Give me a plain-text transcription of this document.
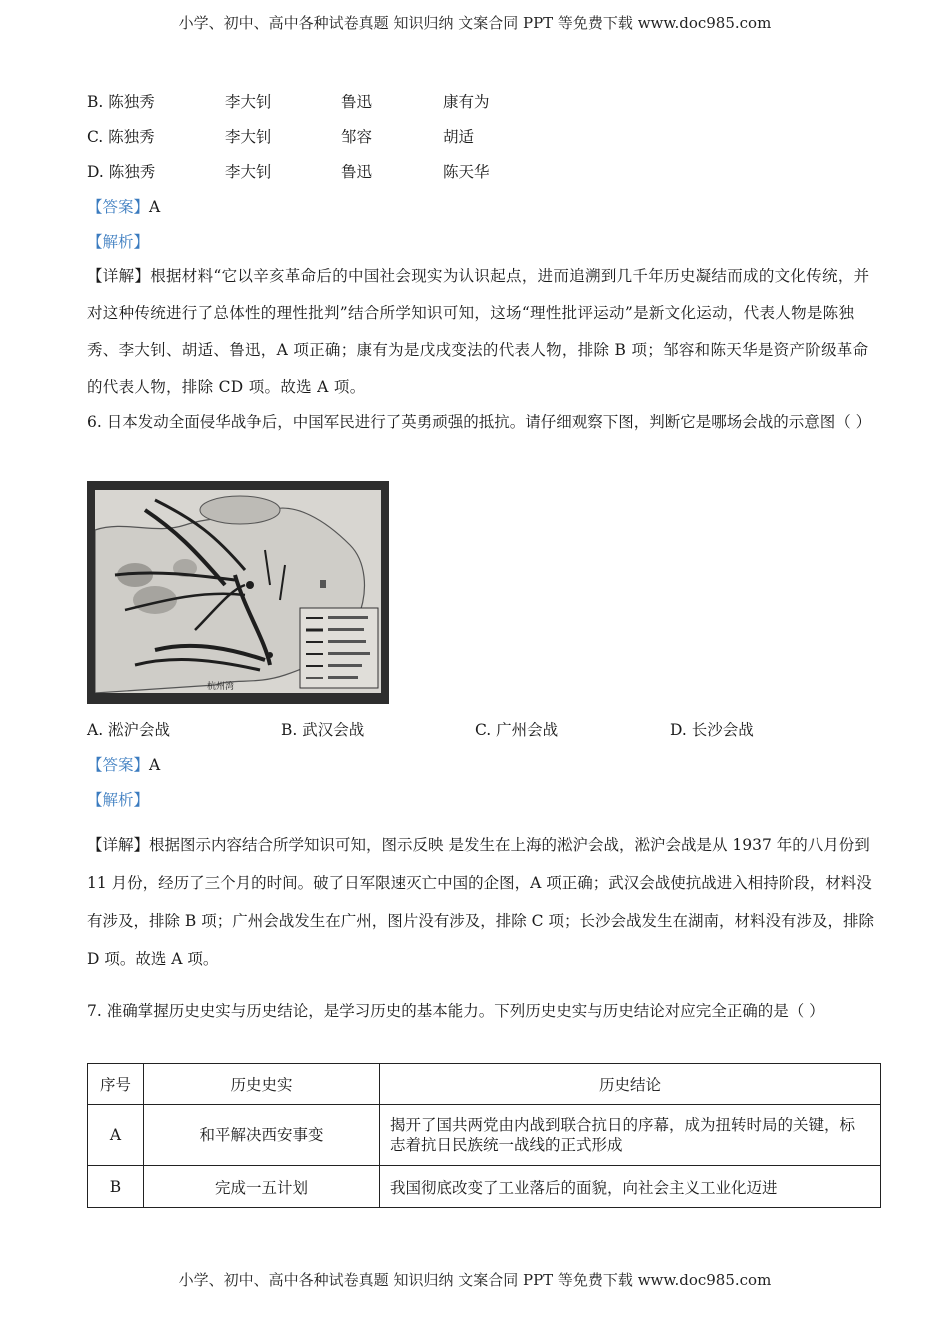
小学、初中、高中各种试卷真题 知识归纳 文案合同 PPT 等免费下载 www.doc985.com
B. 陈独秀	李大钊	鲁迅	康有为
C. 陈独秀	李大钊	邹容	胡适
D. 陈独秀	李大钊	鲁迅	陈天华
【答案】A
【解析】
【详解】根据材料“它以辛亥革命后的中国社会现实为认识起点，进而追溯到几千年历史凝结而成的文化传统，并对这种传统进行了总体性的理性批判”结合所学知识可知，这场“理性批评运动”是新文化运动，代表人物是陈独秀、李大钊、胡适、鲁迅，A 项正确；康有为是戊戌变法的代表人物，排除 B 项；邹容和陈天华是资产阶级革命的代表人物，排除 CD 项。故选 A 项。
6. 日本发动全面侵华战争后，中国军民进行了英勇顽强的抵抗。请仔细观察下图，判断它是哪场会战的示意图（ ）
杭州湾
A. 淞沪会战	B. 武汉会战	C. 广州会战	D. 长沙会战
【答案】A
【解析】
【详解】根据图示内容结合所学知识可知，图示反映 是发生在上海的淞沪会战，淞沪会战是从 1937 年的八月份到 11 月份，经历了三个月的时间。破了日军限速灭亡中国的企图，A 项正确；武汉会战使抗战进入相持阶段，材料没有涉及，排除 B 项；广州会战发生在广州，图片没有涉及，排除 C 项；长沙会战发生在湖南，材料没有涉及，排除 D 项。故选 A 项。
7. 准确掌握历史史实与历史结论，是学习历史的基本能力。下列历史史实与历史结论对应完全正确的是（ ）
序号	历史史实	历史结论
A	和平解决西安事变	揭开了国共两党由内战到联合抗日的序幕，成为扭转时局的关键，标志着抗日民族统一战线的正式形成
B	完成一五计划	我国彻底改变了工业落后的面貌，向社会主义工业化迈进
小学、初中、高中各种试卷真题 知识归纳 文案合同 PPT 等免费下载 www.doc985.com
